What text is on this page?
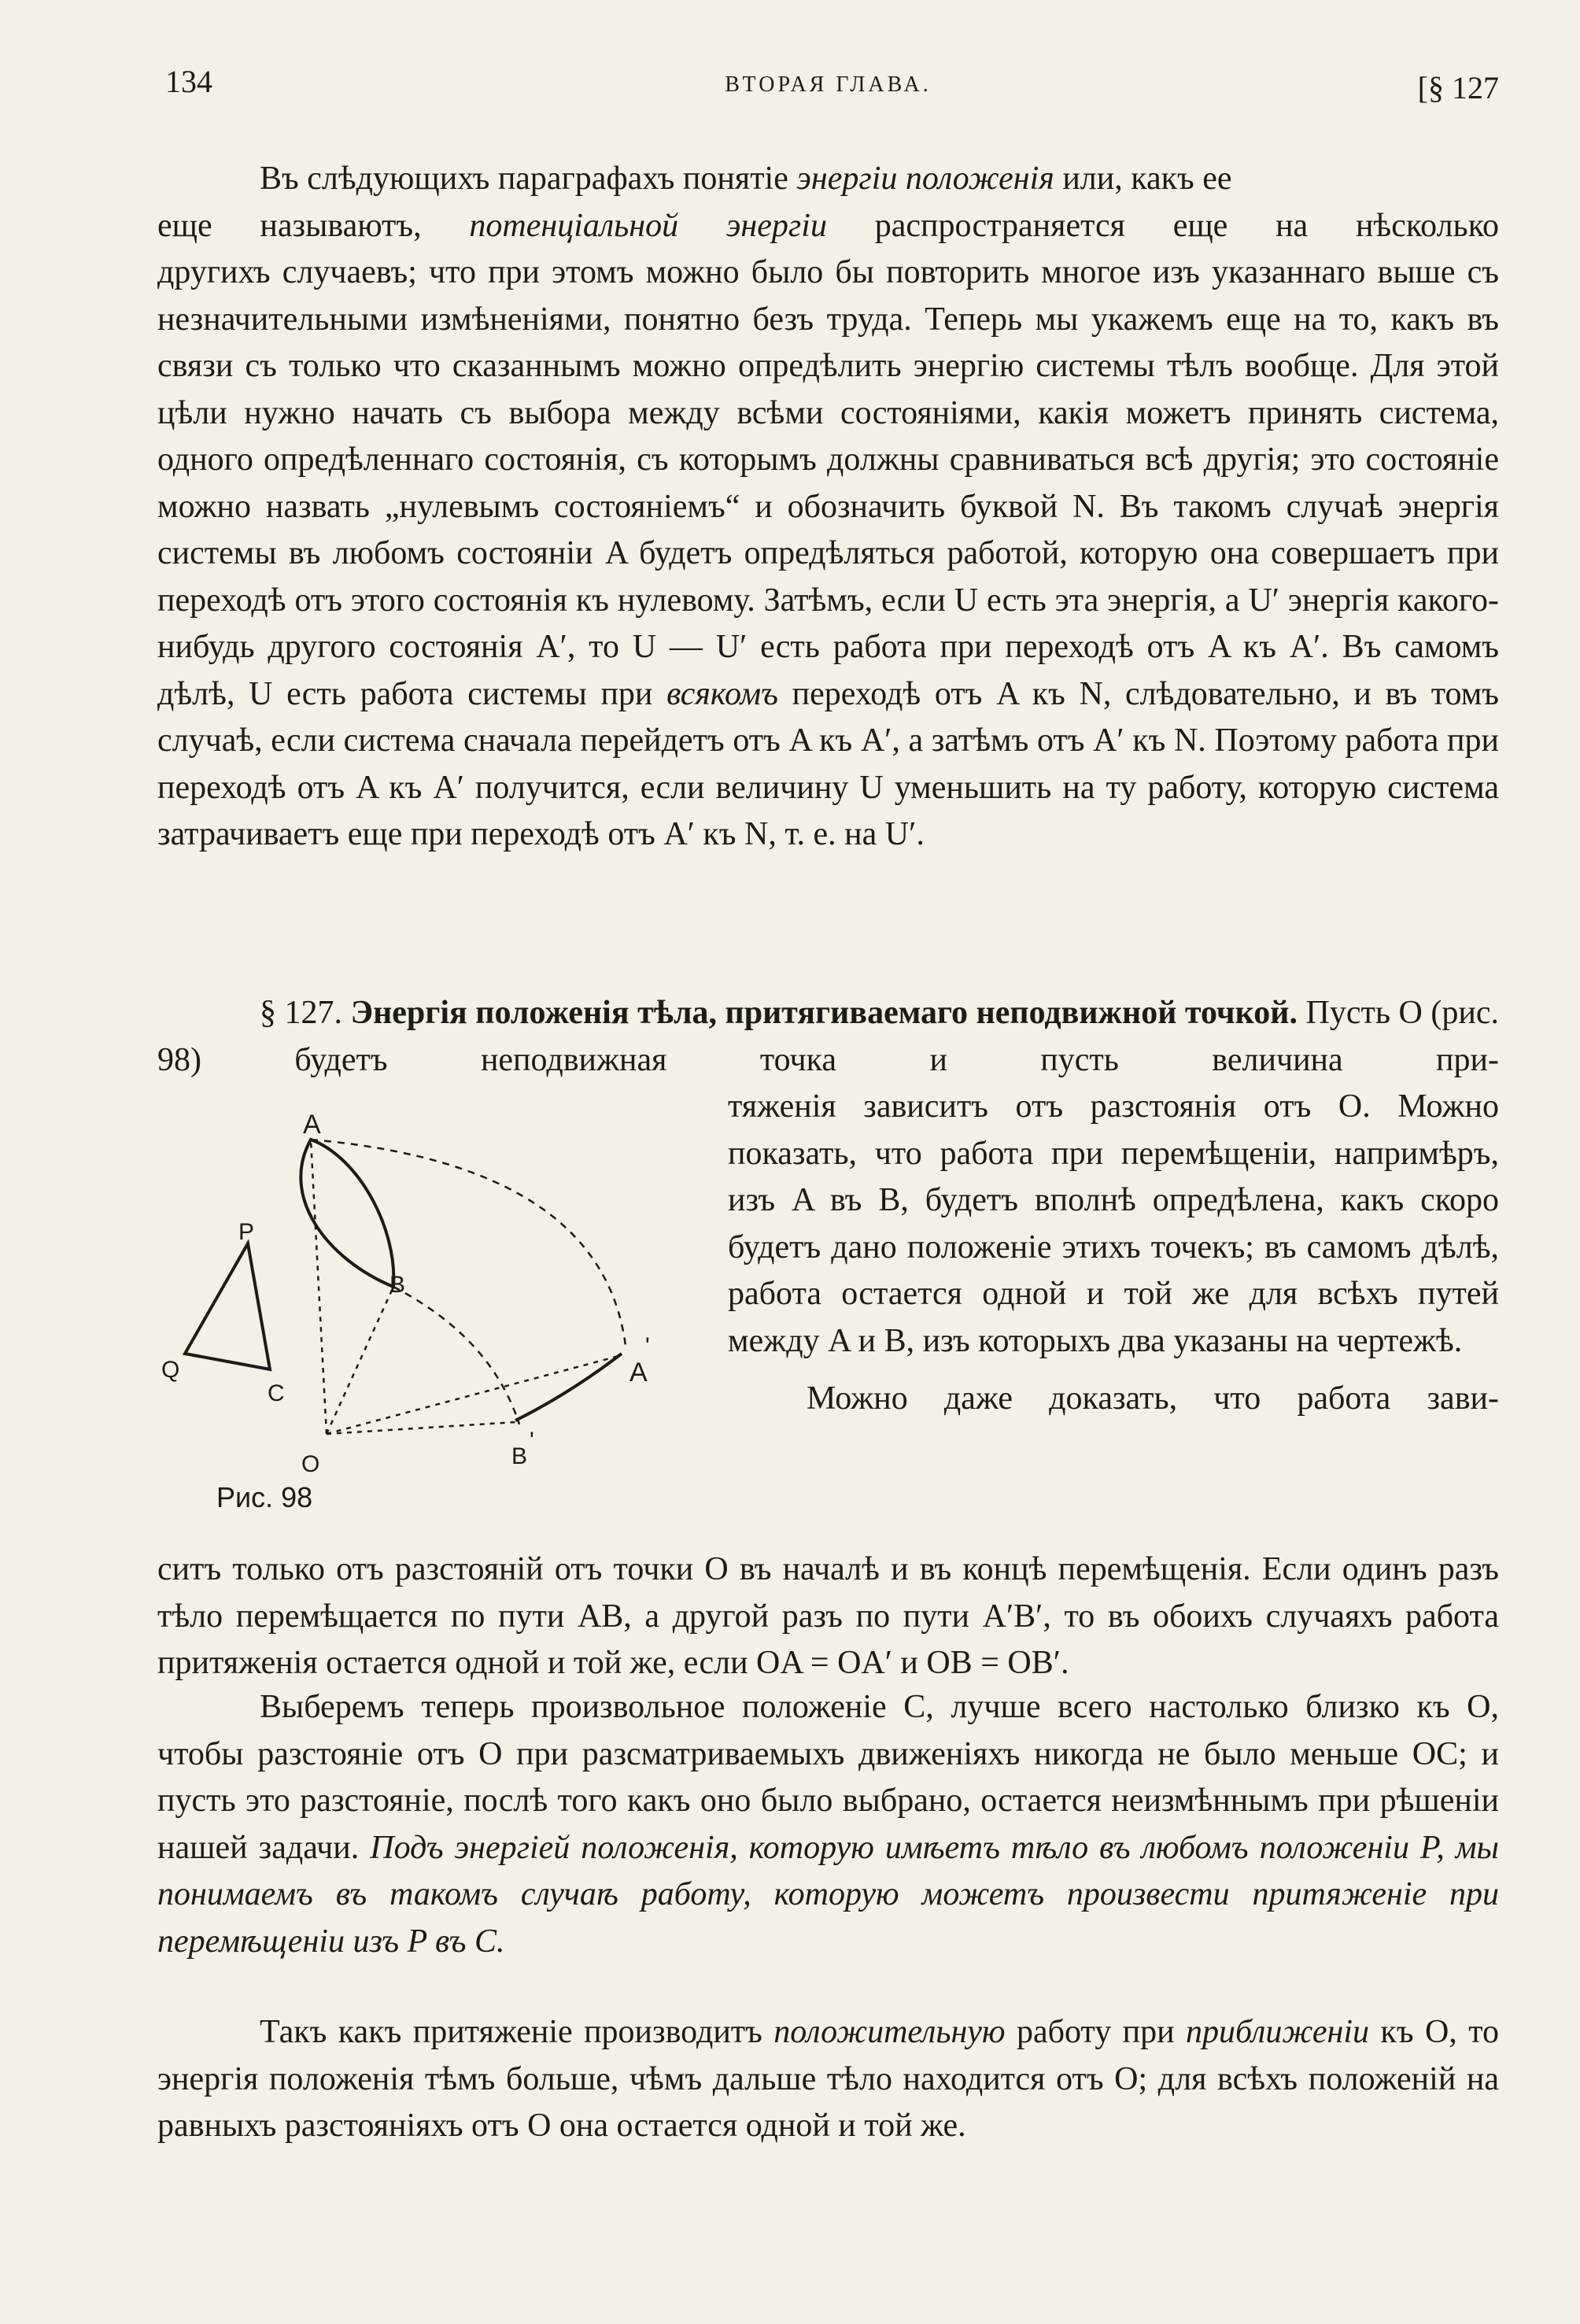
134	ВТОРАЯ ГЛАВА.	[§ 127

Въ слѣдующихъ параграфахъ понятіе энергіи положенія или, какъ ее

еще называютъ, потенціальной энергіи распространяется еще на нѣсколько

другихъ случаевъ; что при этомъ можно было бы повторить многое изъ указаннаго выше съ незначительными измѣненіями, понятно безъ труда. Теперь мы укажемъ еще на то, какъ въ связи съ только что сказаннымъ можно опредѣлить энергію системы тѣлъ вообще. Для этой цѣли нужно начать съ выбора между всѣми состояніями, какія можетъ принять система, одного опредѣленнаго состоянія, съ которымъ должны сравниваться всѣ другія; это состояніе можно назвать „нулевымъ состояніемъ“ и обозначить буквой N. Въ такомъ случаѣ энергія системы въ любомъ состояніи A будетъ опредѣляться работой, которую она совершаетъ при переходѣ отъ этого состоянія къ нулевому. Затѣмъ, если U есть эта энергія, а U′ энергія какого-нибудь другого состоянія A′, то U — U′ есть работа при переходѣ отъ A къ A′. Въ самомъ дѣлѣ, U есть работа системы при всякомъ переходѣ отъ A къ N, слѣдовательно, и въ томъ случаѣ, если система сначала перейдетъ отъ A къ A′, а затѣмъ отъ A′ къ N. Поэтому работа при переходѣ отъ A къ A′ получится, если величину U уменьшить на ту работу, которую система затрачиваетъ еще при переходѣ отъ A′ къ N, т. е. на U′.

§ 127. Энергія положенія тѣла, притягиваемаго неподвижной точкой. Пусть O (рис. 98) будетъ неподвижная точка и пусть величина при-

тяженія зависитъ отъ разстоянія отъ O. Можно показать, что работа при перемѣщеніи, напримѣръ, изъ A въ B, будетъ вполнѣ опредѣлена, какъ скоро будетъ дано положеніе этихъ точекъ; въ самомъ дѣлѣ, работа остается одной и той же для всѣхъ путей между A и B, изъ которыхъ два указаны на чертежѣ.

Можно даже доказать, что работа зави-

A
B
P
Q
C
O
A
'
B
'
Рис. 98

ситъ только отъ разстояній отъ точки O въ началѣ и въ концѣ перемѣщенія. Если одинъ разъ тѣло перемѣщается по пути AB, а другой разъ по пути A′B′, то въ обоихъ случаяхъ работа притяженія остается одной и той же, если OA = OA′ и OB = OB′.

Выберемъ теперь произвольное положеніе C, лучше всего настолько близко къ O, чтобы разстояніе отъ O при разсматриваемыхъ движеніяхъ никогда не было меньше OC; и пусть это разстояніе, послѣ того какъ оно было выбрано, остается неизмѣннымъ при рѣшеніи нашей задачи. Подъ энергіей положенія, которую имѣетъ тѣло въ любомъ положеніи P, мы понимаемъ въ такомъ случаѣ работу, которую можетъ произвести притяженіе при перемѣщеніи изъ P въ C.

Такъ какъ притяженіе производитъ положительную работу при приближеніи къ O, то энергія положенія тѣмъ больше, чѣмъ дальше тѣло находится отъ O; для всѣхъ положеній на равныхъ разстояніяхъ отъ O она остается одной и той же.
